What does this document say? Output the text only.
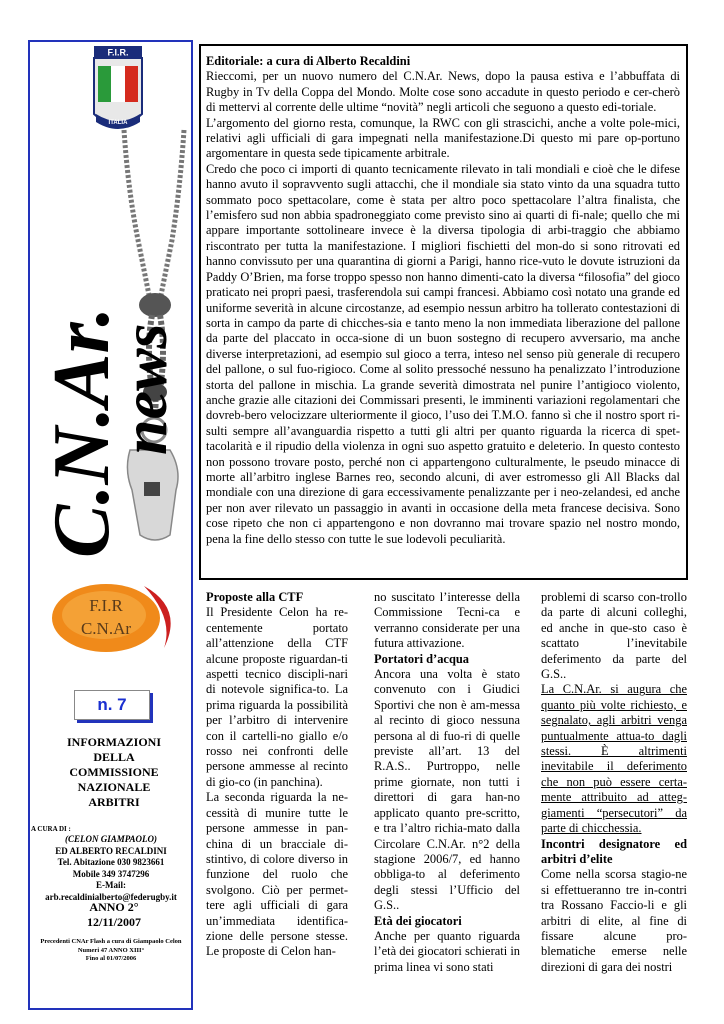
F.I.R.
ITALIA
C.N.Ar.
news
F.I.R
C.N.Ar
n. 7
INFORMAZIONI
DELLA
COMMISSIONE
NAZIONALE
ARBITRI
A CURA DI :
(CELON GIAMPAOLO)
ED ALBERTO RECALDINI
Tel. Abitazione 030 9823661
Mobile 349 3747296
E-Mail: arb.recaldinialberto@federugby.it
ANNO 2°
12/11/2007
Precedenti CNAr Flash a cura di Giampaolo Celon
Numeri 47 ANNO XIII°
Fino al 01/07/2006

Editoriale: a cura di Alberto Recaldini

Rieccomi, per un nuovo numero del C.N.Ar. News, dopo la pausa estiva e l’abbuffata di Rugby in Tv della Coppa del Mondo. Molte cose sono accadute in questo periodo e cer-cherò di mettervi al corrente delle ultime “novità” negli articoli che seguono a questo edi-toriale.

L’argomento del giorno resta, comunque, la RWC con gli strascichi, anche a volte pole-mici, relativi agli ufficiali di gara impegnati nella manifestazione.Di questo mi pare op-portuno argomentare in questa sede tipicamente arbitrale.

Credo che poco ci importi di quanto tecnicamente rilevato in tali mondiali e cioè che le difese hanno avuto il sopravvento sugli attacchi, che il mondiale sia stato vinto da una squadra tutto sommato poco spettacolare, come è stata per altro poco spettacolare l’altra finalista, che l’emisfero sud non abbia spadroneggiato come previsto sino ai quarti di fi-nale; quello che mi appare importante sottolineare invece è la diversa tipologia di arbi-traggio che abbiamo riscontrato per tutta la manifestazione. I migliori fischietti del mon-do si sono ritrovati ed hanno convissuto per una quarantina di giorni a Parigi, hanno rice-vuto le dovute istruzioni da Paddy O’Brien, ma forse troppo spesso non hanno dimenti-cato la diversa “filosofia” del gioco praticato nei propri paesi, trasferendola sui campi francesi. Abbiamo così notato una grande ed uniforme severità in alcune circostanze, ad esempio nessun arbitro ha tollerato contestazioni di sorta in campo da parte di chicches-sia e tanto meno la non immediata liberazione del pallone da parte del placcato in occa-sione di un buon sostegno di recupero avversario, ma anche diverse interpretazioni, ad esempio sul gioco a terra, inteso nel senso più generale di recupero del pallone, o sul fuo-rigioco. Come al solito pressoché nessuno ha penalizzato l’introduzione storta del pallone in mischia. La grande severità dimostrata nel punire l’antigioco violento, anche grazie alle citazioni dei Commissari presenti, le imminenti variazioni regolamentari che dovreb-bero velocizzare ulteriormente il gioco, l’uso dei T.M.O. fanno sì che il nostro sport ri-sulti sempre all’avanguardia rispetto a tutti gli altri per quanto riguarda la ricerca di spet-tacolarità e il ripudio della violenza in ogni suo aspetto gratuito e deleterio. In questo contesto non possono trovare posto, perché non ci appartengono culturalmente, le pseudo minacce di morte all’arbitro inglese Barnes reo, secondo alcuni, di aver estromesso gli All Blacks dal mondiale con una direzione di gara eccessivamente penalizzante per i neo-zelandesi, ed anche per non aver rilevato un passaggio in avanti in occasione della meta francese decisiva. Sono cose ripeto che non ci appartengono e non dovranno mai trovare spazio nel nostro mondo, pena la fine dello stesso con tutte le sue lodevoli peculiarità.

Proposte alla CTF

Il Presidente Celon ha re-centemente portato all’attenzione della CTF alcune proposte riguardan-ti aspetti tecnico discipli-nari di notevole significa-to. La prima riguarda la possibilità per l’arbitro di intervenire con il cartelli-no giallo e/o rosso nei confronti delle persone ammesse al recinto di gio-co (in panchina).

La seconda riguarda la ne-cessità di munire tutte le persone ammesse in pan-china di un bracciale di-stintivo, di colore diverso in funzione del ruolo che svolgono. Ciò per permet-tere agli ufficiali di gara un’immediata identifica-zione delle persone stesse. Le proposte di Celon han-

no suscitato l’interesse della Commissione Tecni-ca e verranno considerate per una futura attivazione.

Portatori d’acqua

Ancora una volta è stato convenuto con i Giudici Sportivi che non è am-messa al recinto di gioco nessuna persona al di fuo-ri di quelle previste all’art. 13 del R.A.S.. Purtroppo, nelle prime giornate, non tutti i direttori di gara han-no applicato quanto pre-scritto, e tra l’altro richia-mato dalla Circolare C.N.Ar. n°2 della stagione 2006/7, ed hanno obbliga-to al deferimento degli stessi l’Ufficio del G.S..

Età dei giocatori

Anche per quanto riguarda l’età dei giocatori schierati in prima linea vi sono stati

problemi di scarso con-trollo da parte di alcuni colleghi, ed anche in que-sto caso è scattato l’inevitabile deferimento da parte del G.S..

La C.N.Ar. si augura che quanto più volte richiesto, e segnalato, agli arbitri venga puntualmente attua-to dagli stessi. È altrimenti inevitabile il deferimento che non può essere certa-mente attribuito ad atteg-giamenti “persecutori” da parte di chicchessia.

Incontri designatore ed arbitri d’elite

Come nella scorsa stagio-ne si effettueranno tre in-contri tra Rossano Faccio-li e gli arbitri di elite, al fine di fissare alcune pro-blematiche emerse nelle direzioni di gara dei nostri
